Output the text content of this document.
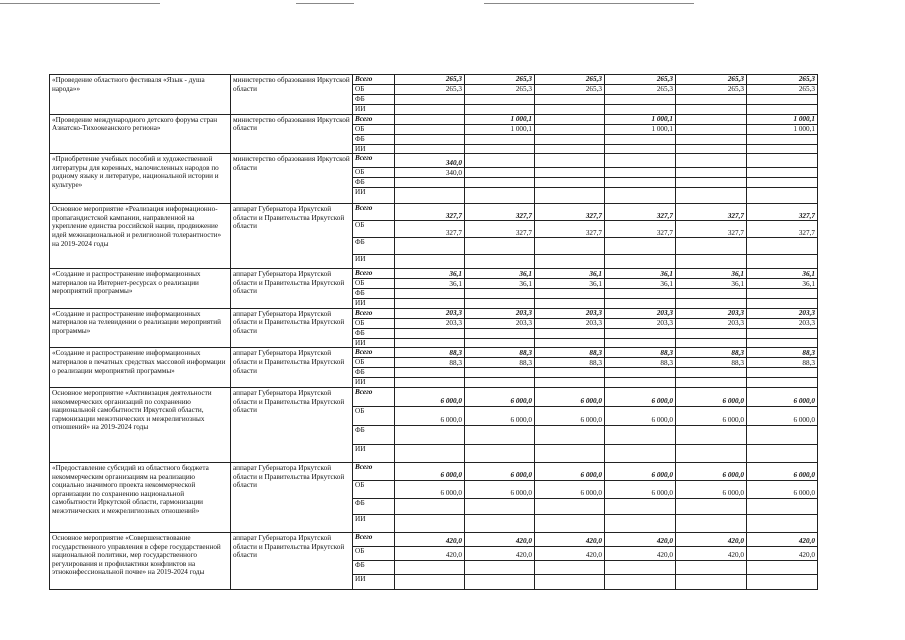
«Проведение областного фестиваля «Язык - душа народа»»	министерство образования Иркутской области	Всего	265,3	265,3	265,3	265,3	265,3	265,3
		ОБ	265,3	265,3	265,3	265,3	265,3	265,3
		ФБ						
		ИИ						
«Проведение международного детского форума стран Азиатско-Тихоокеанского региона»	министерство образования Иркутской области	Всего		1 000,1		1 000,1		1 000,1
		ОБ		1 000,1		1 000,1		1 000,1
		ФБ						
		ИИ						
«Приобретение учебных пособий и художественной литературы для коренных, малочисленных народов по родному языку и литературе, национальной истории и культуре»	министерство образования Иркутской области	Всего	340,0					
		ОБ	340,0					
		ФБ						
		ИИ						
Основное мероприятие «Реализация информационно-пропагандистской кампании, направленной на укрепление единства российской нации, продвижение идей межнациональной и религиозной толерантности» на 2019-2024 годы	аппарат Губернатора Иркутской области и Правительства Иркутской области	Всего	327,7	327,7	327,7	327,7	327,7	327,7
		ОБ	327,7	327,7	327,7	327,7	327,7	327,7
		ФБ						
		ИИ						
«Создание и распространение информационных материалов на Интернет-ресурсах о реализации мероприятий программы»	аппарат Губернатора Иркутской области и Правительства Иркутской области	Всего	36,1	36,1	36,1	36,1	36,1	36,1
		ОБ	36,1	36,1	36,1	36,1	36,1	36,1
		ФБ						
		ИИ						
«Создание и распространение информационных материалов на телевидении о реализации мероприятий программы»	аппарат Губернатора Иркутской области и Правительства Иркутской области	Всего	203,3	203,3	203,3	203,3	203,3	203,3
		ОБ	203,3	203,3	203,3	203,3	203,3	203,3
		ФБ						
		ИИ						
«Создание и распространение информационных материалов в печатных средствах массовой информации о реализации мероприятий программы»	аппарат Губернатора Иркутской области и Правительства Иркутской области	Всего	88,3	88,3	88,3	88,3	88,3	88,3
		ОБ	88,3	88,3	88,3	88,3	88,3	88,3
		ФБ						
		ИИ						
Основное мероприятие «Активизация деятельности некоммерческих организаций по сохранению национальной самобытности Иркутской области, гармонизации межэтнических и межрелигиозных отношений» на 2019-2024 годы	аппарат Губернатора Иркутской области и Правительства Иркутской области	Всего	6 000,0	6 000,0	6 000,0	6 000,0	6 000,0	6 000,0
		ОБ	6 000,0	6 000,0	6 000,0	6 000,0	6 000,0	6 000,0
		ФБ						
		ИИ						
«Предоставление субсидий из областного бюджета некоммерческим организациям на реализацию социально значимого проекта некоммерческой организации по сохранению национальной самобытности Иркутской области, гармонизации межэтнических и межрелигиозных отношений»	аппарат Губернатора Иркутской области и Правительства Иркутской области	Всего	6 000,0	6 000,0	6 000,0	6 000,0	6 000,0	6 000,0
		ОБ	6 000,0	6 000,0	6 000,0	6 000,0	6 000,0	6 000,0
		ФБ						
		ИИ						
Основное мероприятие «Совершенствование государственного управления в сфере государственной национальной политики, мер государственного регулирования и профилактики конфликтов на этноконфессиональной почве» на 2019-2024 годы	аппарат Губернатора Иркутской области и Правительства Иркутской области	Всего	420,0	420,0	420,0	420,0	420,0	420,0
		ОБ	420,0	420,0	420,0	420,0	420,0	420,0
		ФБ						
		ИИ						
